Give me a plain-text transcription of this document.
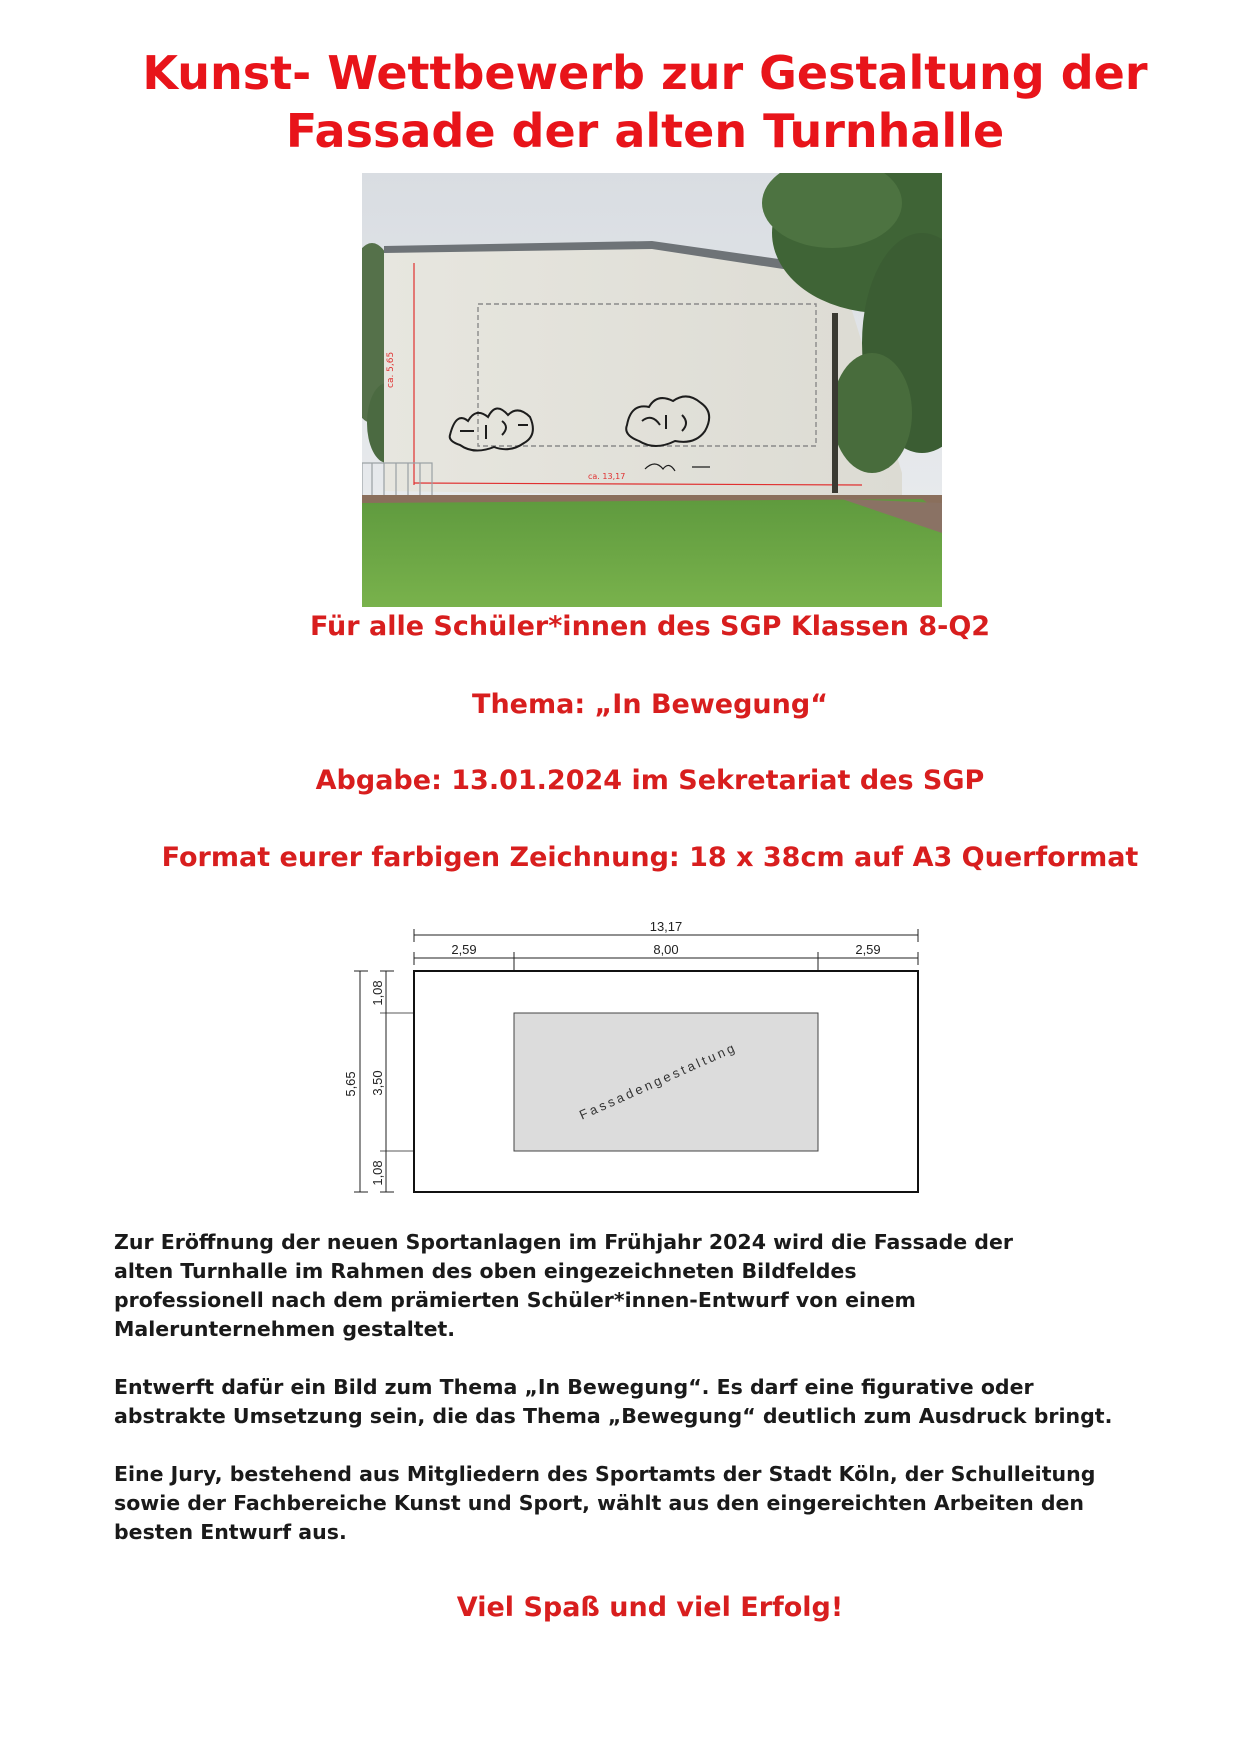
Kunst- Wettbewerb zur Gestaltung der
Fassade der alten Turnhalle
ca. 5,65
ca. 13,17
Für alle Schüler*innen des SGP Klassen 8-Q2
Thema: „In Bewegung“
Abgabe: 13.01.2024 im Sekretariat des SGP
Format eurer farbigen Zeichnung: 18 x 38cm auf A3 Querformat
13,17
2,59	8,00	2,59
5,65
1,08
3,50
1,08
Fassadengestaltung
Zur Eröffnung der neuen Sportanlagen im Frühjahr 2024 wird die Fassade der
alten Turnhalle im Rahmen des oben eingezeichneten Bildfeldes
professionell nach dem prämierten Schüler*innen-Entwurf von einem
Malerunternehmen gestaltet.
Entwerft dafür ein Bild zum Thema „In Bewegung“. Es darf eine figurative oder
abstrakte Umsetzung sein, die das Thema „Bewegung“ deutlich zum Ausdruck bringt.
Eine Jury, bestehend aus Mitgliedern des Sportamts der Stadt Köln, der Schulleitung
sowie der Fachbereiche Kunst und Sport, wählt aus den eingereichten Arbeiten den
besten Entwurf aus.
Viel Spaß und viel Erfolg!
